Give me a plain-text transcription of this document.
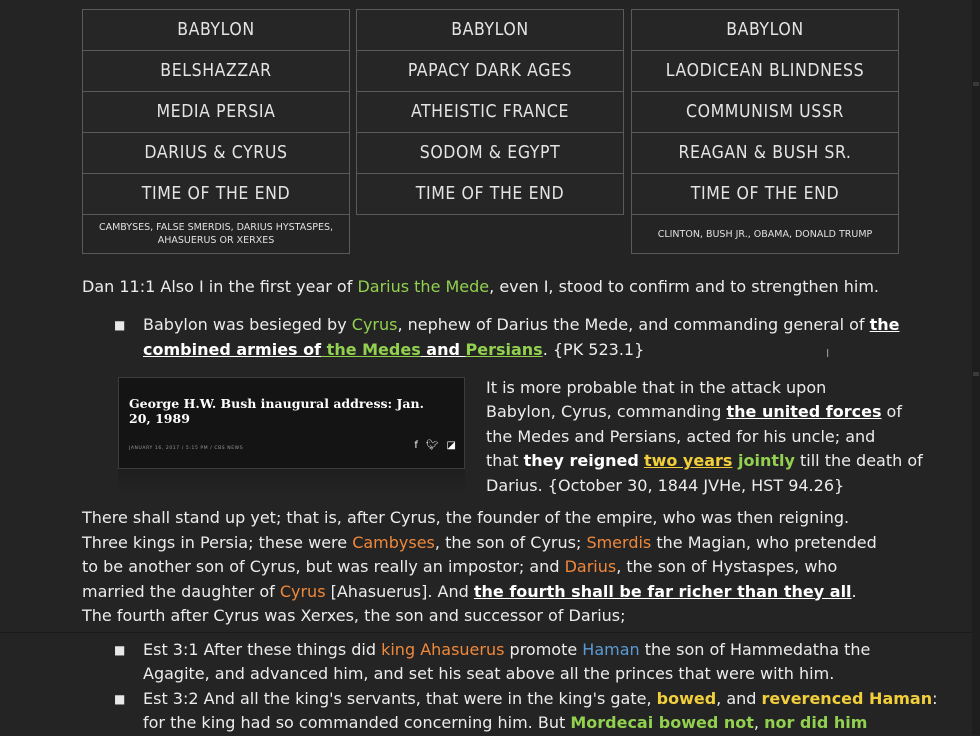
BABYLON
BELSHAZZAR
MEDIA PERSIA
DARIUS & CYRUS
TIME OF THE END
CAMBYSES, FALSE SMERDIS, DARIUS HYSTASPES, AHASUERUS OR XERXES
BABYLON
PAPACY DARK AGES
ATHEISTIC FRANCE
SODOM & EGYPT
TIME OF THE END
BABYLON
LAODICEAN BLINDNESS
COMMUNISM USSR
REAGAN & BUSH SR.
TIME OF THE END
CLINTON, BUSH JR., OBAMA, DONALD TRUMP
Dan 11:1 Also I in the first year of Darius the Mede, even I, stood to confirm and to strengthen him.
■ Babylon was besieged by Cyrus, nephew of Darius the Mede, and commanding general of the
combined armies of the Medes and Persians. {PK 523.1}	I
George H.W. Bush inaugural address: Jan. 20, 1989
JANUARY 16, 2017 / 5:15 PM / CBS NEWS	f 🐦︎ ◪
It is more probable that in the attack upon
Babylon, Cyrus, commanding the united forces of
the Medes and Persians, acted for his uncle; and
that they reigned two years jointly till the death of
Darius. {October 30, 1844 JVHe, HST 94.26}
There shall stand up yet; that is, after Cyrus, the founder of the empire, who was then reigning. Three kings in Persia; these were Cambyses, the son of Cyrus; Smerdis the Magian, who pretended to be another son of Cyrus, but was really an impostor; and Darius, the son of Hystaspes, who married the daughter of Cyrus [Ahasuerus]. And the fourth shall be far richer than they all. The fourth after Cyrus was Xerxes, the son and successor of Darius;
■ Est 3:1 After these things did king Ahasuerus promote Haman the son of Hammedatha the
Agagite, and advanced him, and set his seat above all the princes that were with him.
■ Est 3:2 And all the king's servants, that were in the king's gate, bowed, and reverenced Haman:
for the king had so commanded concerning him. But Mordecai bowed not, nor did him
